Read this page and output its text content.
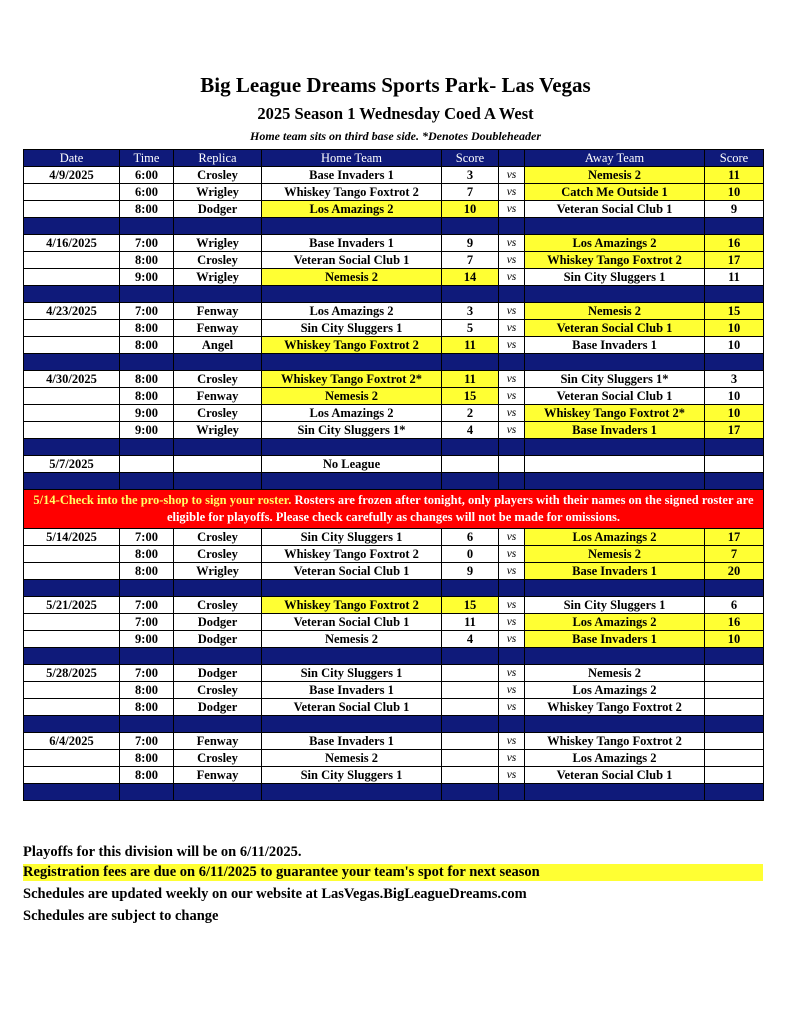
Big League Dreams Sports Park- Las Vegas
2025 Season 1 Wednesday Coed A West
Home team sits on third base side. *Denotes Doubleheader
Date	Time	Replica	Home Team	Score		Away Team	Score
4/9/2025	6:00	Crosley	Base Invaders 1	3	vs	Nemesis 2	11
	6:00	Wrigley	Whiskey Tango Foxtrot 2	7	vs	Catch Me Outside 1	10
	8:00	Dodger	Los Amazings 2	10	vs	Veteran Social Club 1	9

4/16/2025	7:00	Wrigley	Base Invaders 1	9	vs	Los Amazings 2	16
	8:00	Crosley	Veteran Social Club 1	7	vs	Whiskey Tango Foxtrot 2	17
	9:00	Wrigley	Nemesis 2	14	vs	Sin City Sluggers 1	11

4/23/2025	7:00	Fenway	Los Amazings 2	3	vs	Nemesis 2	15
	8:00	Fenway	Sin City Sluggers 1	5	vs	Veteran Social Club 1	10
	8:00	Angel	Whiskey Tango Foxtrot 2	11	vs	Base Invaders 1	10

4/30/2025	8:00	Crosley	Whiskey Tango Foxtrot 2*	11	vs	Sin City Sluggers 1*	3
	8:00	Fenway	Nemesis 2	15	vs	Veteran Social Club 1	10
	9:00	Crosley	Los Amazings 2	2	vs	Whiskey Tango Foxtrot 2*	10
	9:00	Wrigley	Sin City Sluggers 1*	4	vs	Base Invaders 1	17

5/7/2025			No League				

5/14-Check into the pro-shop to sign your roster. Rosters are frozen after tonight, only players with their names on the signed roster are eligible for playoffs. Please check carefully as changes will not be made for omissions.							
5/14/2025	7:00	Crosley	Sin City Sluggers 1	6	vs	Los Amazings 2	17
	8:00	Crosley	Whiskey Tango Foxtrot 2	0	vs	Nemesis 2	7
	8:00	Wrigley	Veteran Social Club 1	9	vs	Base Invaders 1	20

5/21/2025	7:00	Crosley	Whiskey Tango Foxtrot 2	15	vs	Sin City Sluggers 1	6
	7:00	Dodger	Veteran Social Club 1	11	vs	Los Amazings 2	16
	9:00	Dodger	Nemesis 2	4	vs	Base Invaders 1	10

5/28/2025	7:00	Dodger	Sin City Sluggers 1		vs	Nemesis 2	
	8:00	Crosley	Base Invaders 1		vs	Los Amazings 2	
	8:00	Dodger	Veteran Social Club 1		vs	Whiskey Tango Foxtrot 2	

6/4/2025	7:00	Fenway	Base Invaders 1		vs	Whiskey Tango Foxtrot 2	
	8:00	Crosley	Nemesis 2		vs	Los Amazings 2	
	8:00	Fenway	Sin City Sluggers 1		vs	Veteran Social Club 1	

Playoffs for this division will be on 6/11/2025.
Registration fees are due on 6/11/2025 to guarantee your team's spot for next season
Schedules are updated weekly on our website at LasVegas.BigLeagueDreams.com
Schedules are subject to change
